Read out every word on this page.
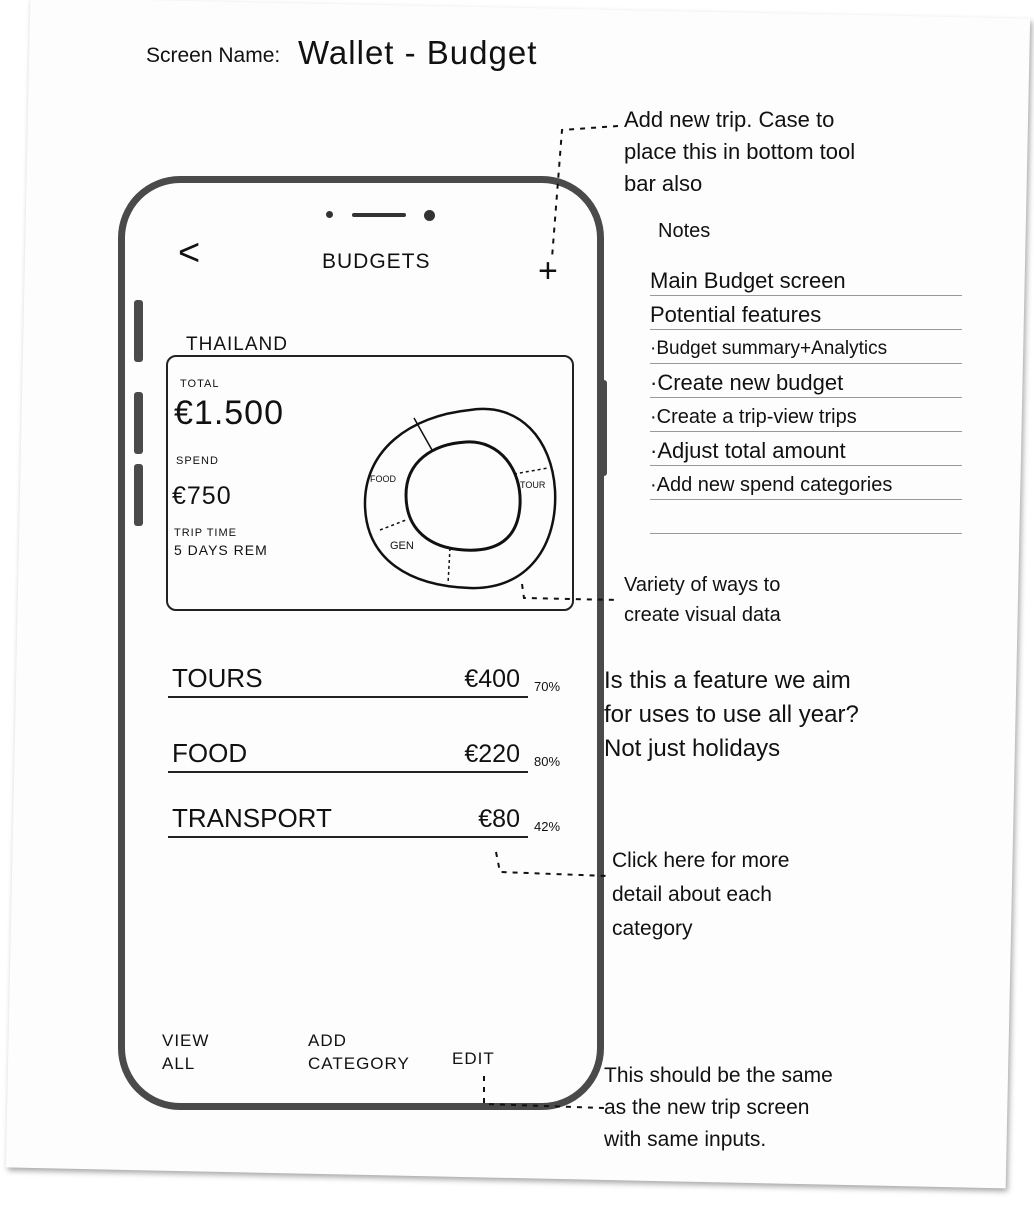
Screen Name: Wallet - Budget
<	BUDGETS	+
THAILAND
TOTAL
€1.500
SPEND
€750
TRIP TIME
5 DAYS REM
FOOD
TOUR
GEN
TOURS	€400 70%
FOOD	€220 80%
TRANSPORT	€80 42%
VIEW
ALL
ADD
CATEGORY EDIT
Add new trip. Case to
place this in bottom tool
bar also
Notes
Main Budget screen
Potential features
·Budget summary+Analytics
·Create new budget
·Create a trip-view trips
·Adjust total amount
·Add new spend categories
Variety of ways to
create visual data
Is this a feature we aim
for uses to use all year?
Not just holidays
Click here for more
detail about each
category
This should be the same
as the new trip screen
with same inputs.
